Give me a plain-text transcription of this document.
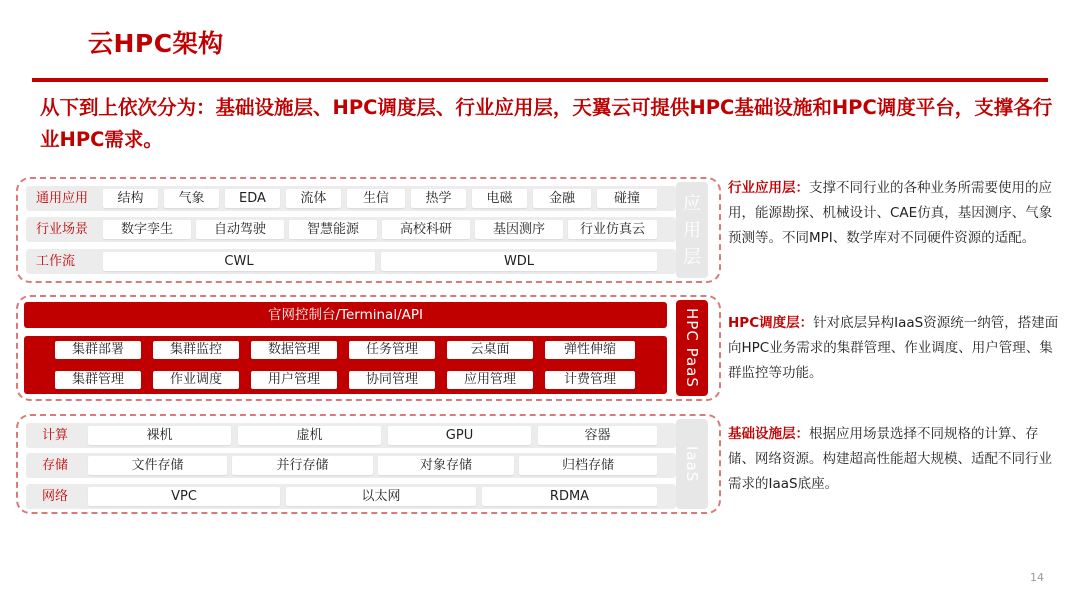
云HPC架构
从下到上依次分为：基础设施层、HPC调度层、行业应用层，天翼云可提供HPC基础设施和HPC调度平台，支撑各行业HPC需求。
通用应用	结构	气象	EDA	流体	生信	热学	电磁	金融	碰撞
行业场景	数字孪生	自动驾驶	智慧能源	高校科研	基因测序	行业仿真云
工作流	CWL	WDL
应用层
官网控制台/Terminal/API
集群部署	集群监控	数据管理	任务管理	云桌面	弹性伸缩
集群管理	作业调度	用户管理	协同管理	应用管理	计费管理	HPC PaaS
计算	裸机	虚机	GPU	容器
存储	文件存储	并行存储	对象存储	归档存储
网络	VPC	以太网	RDMA
IaaS
行业应用层：支撑不同行业的各种业务所需要使用的应用，能源勘探、机械设计、CAE仿真，基因测序、气象预测等。不同MPI、数学库对不同硬件资源的适配。
HPC调度层：针对底层异构IaaS资源统一纳管，搭建面向HPC业务需求的集群管理、作业调度、用户管理、集群监控等功能。
基础设施层：根据应用场景选择不同规格的计算、存储、网络资源。构建超高性能超大规模、适配不同行业需求的IaaS底座。
14
